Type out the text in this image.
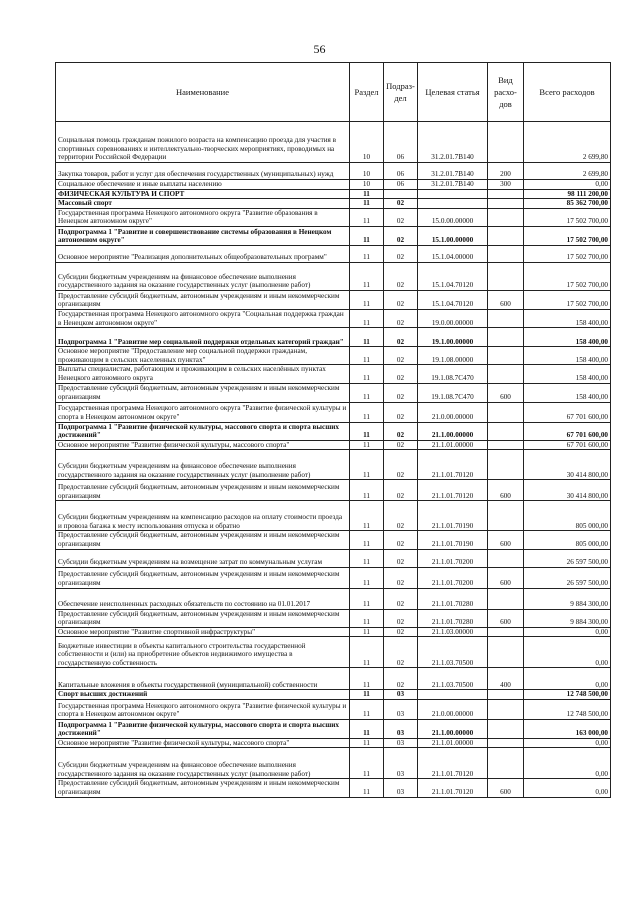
56
Наименование	Раздел	Подраз-дел	Целевая статья	Вид расхо-дов	Всего расходов
Социальная помощь гражданам пожилого возраста на компенсацию проезда для участия в спортивных соревнованиях и интеллектуально-творческих мероприятиях, проводимых на территории Российской Федерации	10	06	31.2.01.7В140		2 699,80
Закупка товаров, работ и услуг для обеспечения государственных (муниципальных) нужд	10	06	31.2.01.7В140	200	2 699,80
Социальное обеспечение и иные выплаты населению	10	06	31.2.01.7В140	300	0,00
ФИЗИЧЕСКАЯ КУЛЬТУРА И СПОРТ	11				98 111 200,00
Массовый спорт	11	02			85 362 700,00
Государственная программа Ненецкого автономного округа "Развитие образования в Ненецком автономном округе"	11	02	15.0.00.00000		17 502 700,00
Подпрограмма 1 "Развитие и совершенствование системы образования в Ненецком автономном округе"	11	02	15.1.00.00000		17 502 700,00
Основное мероприятие "Реализация дополнительных общеобразовательных программ"	11	02	15.1.04.00000		17 502 700,00
Субсидии бюджетным учреждениям на финансовое обеспечение выполнения государственного задания на оказание государственных услуг (выполнение работ)	11	02	15.1.04.70120		17 502 700,00
Предоставление субсидий бюджетным, автономным учреждениям и иным некоммерческим организациям	11	02	15.1.04.70120	600	17 502 700,00
Государственная программа Ненецкого автономного округа "Социальная поддержка граждан в Ненецком автономном округе"	11	02	19.0.00.00000		158 400,00
Подпрограмма 1 "Развитие мер социальной поддержки отдельных категорий граждан"	11	02	19.1.00.00000		158 400,00
Основное мероприятие "Предоставление мер социальной поддержки гражданам, проживающим в сельских населенных пунктах"	11	02	19.1.08.00000		158 400,00
Выплаты специалистам, работающим и проживающим в сельских населённых пунктах Ненецкого автономного округа	11	02	19.1.08.7С470		158 400,00
Предоставление субсидий бюджетным, автономным учреждениям и иным некоммерческим организациям	11	02	19.1.08.7С470	600	158 400,00
Государственная программа Ненецкого автономного округа "Развитие физической культуры и спорта в Ненецком автономном округе"	11	02	21.0.00.00000		67 701 600,00
Подпрограмма 1 "Развитие физической культуры, массового спорта и спорта высших достижений"	11	02	21.1.00.00000		67 701 600,00
Основное мероприятие "Развитие физической культуры, массового спорта"	11	02	21.1.01.00000		67 701 600,00
Субсидии бюджетным учреждениям на финансовое обеспечение выполнения государственного задания на оказание государственных услуг (выполнение работ)	11	02	21.1.01.70120		30 414 800,00
Предоставление субсидий бюджетным, автономным учреждениям и иным некоммерческим организациям	11	02	21.1.01.70120	600	30 414 800,00
Субсидии бюджетным учреждениям на компенсацию расходов на оплату стоимости проезда и провоза багажа к месту использования отпуска и обратно	11	02	21.1.01.70190		805 000,00
Предоставление субсидий бюджетным, автономным учреждениям и иным некоммерческим организациям	11	02	21.1.01.70190	600	805 000,00
Субсидии бюджетным учреждениям на возмещение затрат по коммунальным услугам	11	02	21.1.01.70200		26 597 500,00
Предоставление субсидий бюджетным, автономным учреждениям и иным некоммерческим организациям	11	02	21.1.01.70200	600	26 597 500,00
Обеспечение неисполненных расходных обязательств по состоянию на 01.01.2017	11	02	21.1.01.70280		9 884 300,00
Предоставление субсидий бюджетным, автономным учреждениям и иным некоммерческим организациям	11	02	21.1.01.70280	600	9 884 300,00
Основное мероприятие "Развитие спортивной инфраструктуры"	11	02	21.1.03.00000		0,00
Бюджетные инвестиции в объекты капитального строительства государственной собственности и (или) на приобретение объектов недвижимого имущества в государственную собственность	11	02	21.1.03.70500		0,00
Капитальные вложения в объекты государственной (муниципальной) собственности	11	02	21.1.03.70500	400	0,00
Спорт высших достижений	11	03			12 748 500,00
Государственная программа Ненецкого автономного округа "Развитие физической культуры и спорта в Ненецком автономном округе"	11	03	21.0.00.00000		12 748 500,00
Подпрограмма 1 "Развитие физической культуры, массового спорта и спорта высших достижений"	11	03	21.1.00.00000		163 000,00
Основное мероприятие "Развитие физической культуры, массового спорта"	11	03	21.1.01.00000		0,00
Субсидии бюджетным учреждениям на финансовое обеспечение выполнения государственного задания на оказание государственных услуг (выполнение работ)	11	03	21.1.01.70120		0,00
Предоставление субсидий бюджетным, автономным учреждениям и иным некоммерческим организациям	11	03	21.1.01.70120	600	0,00
